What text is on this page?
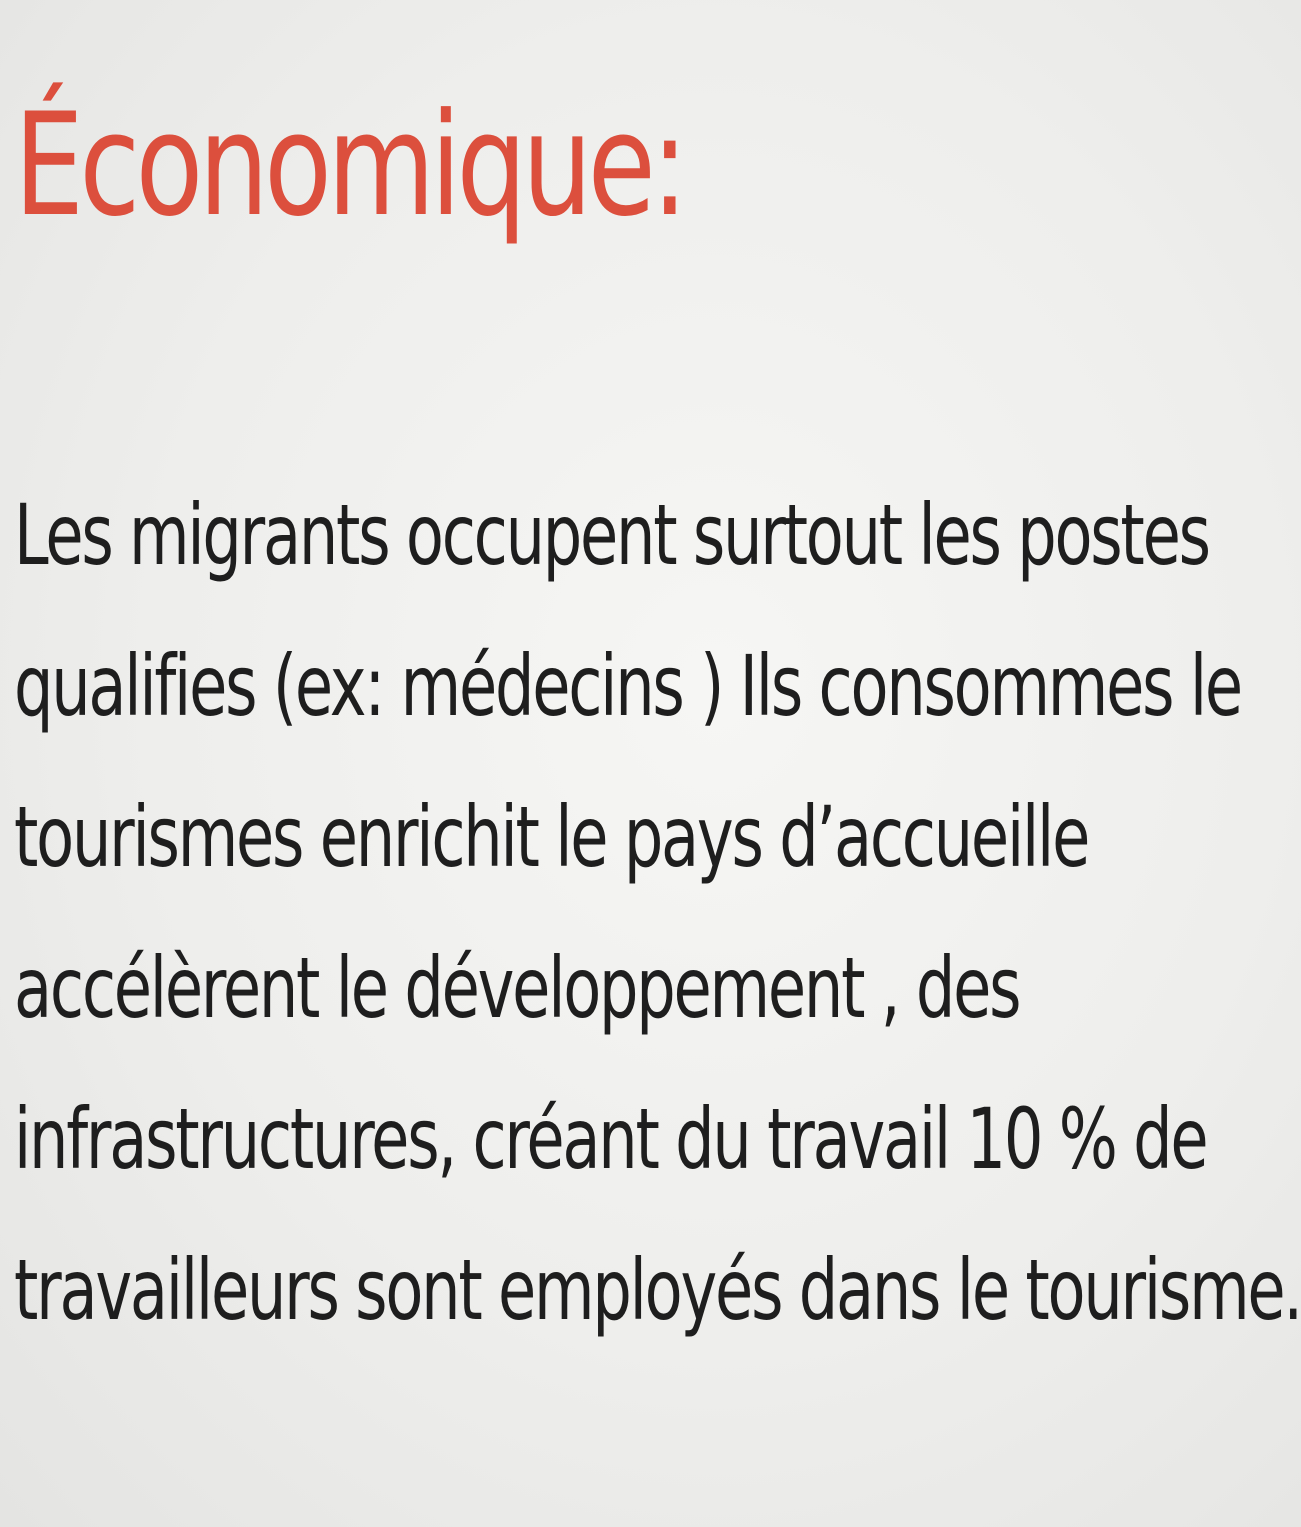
Économique:

Les migrants occupent surtout les postes
qualifies (ex: médecins ) Ils consommes le
tourismes enrichit le pays d’accueille
accélèrent le développement , des
infrastructures, créant du travail 10 % de
travailleurs sont employés dans le tourisme.
